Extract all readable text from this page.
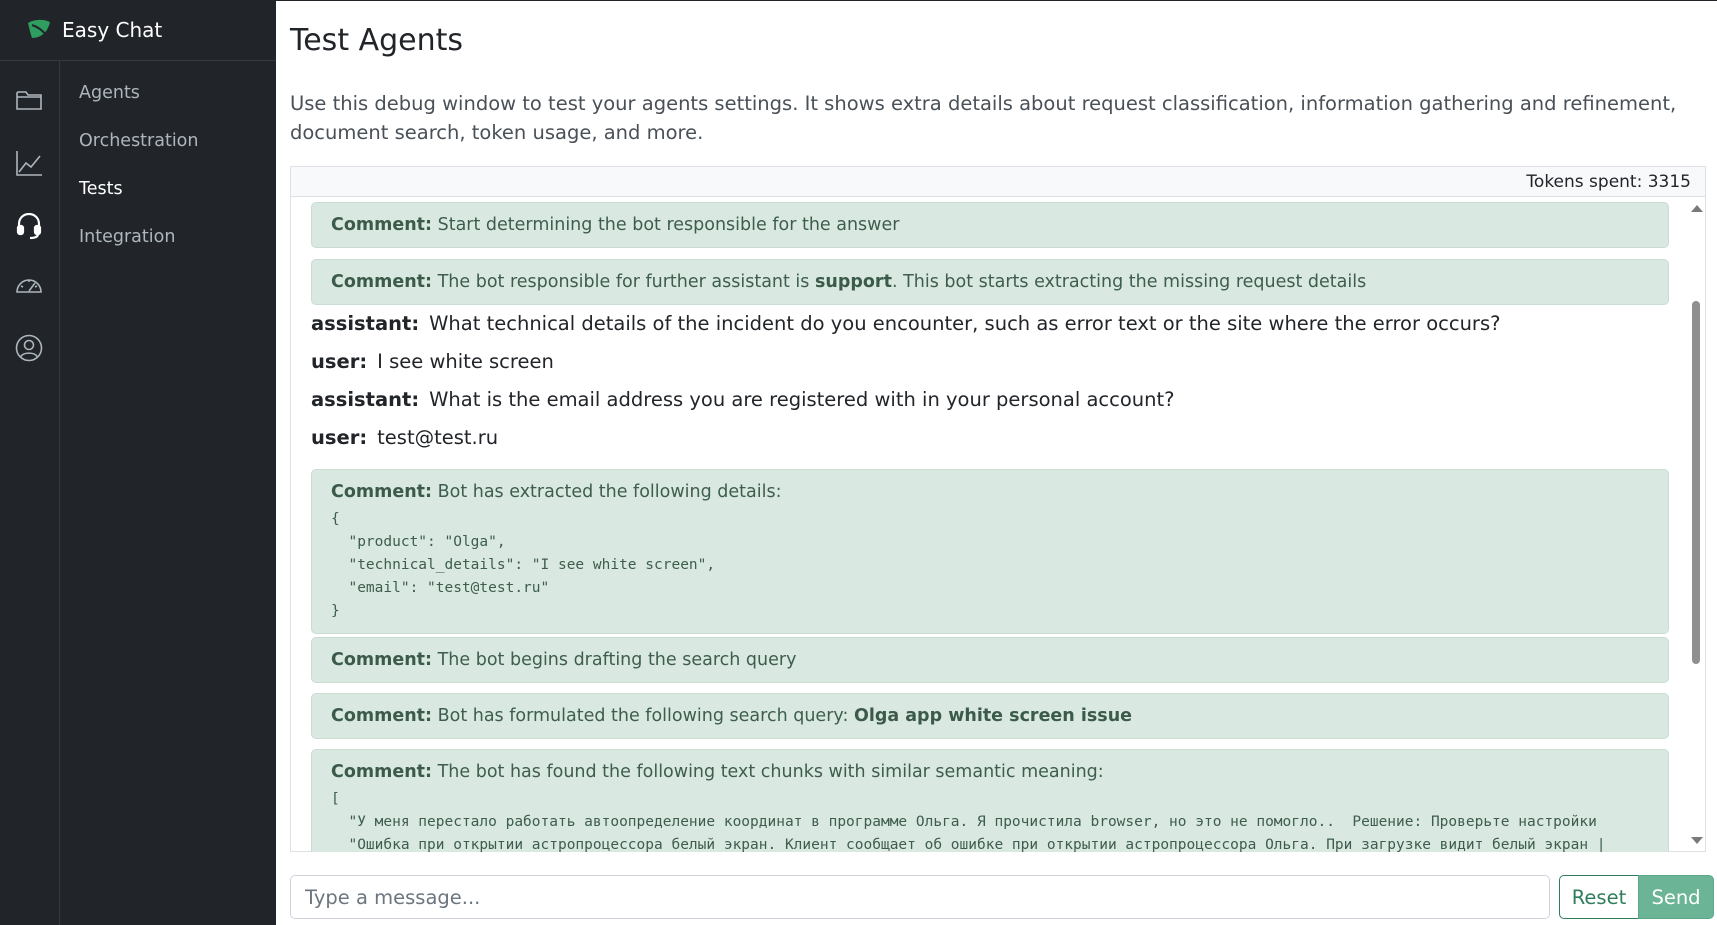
Easy Chat
Agents
Orchestration
Tests
Integration
Test Agents

Use this debug window to test your agents settings. It shows extra details about request classification, information gathering and refinement, document search, token usage, and more.

Tokens spent: 3315
Comment: Start determining the bot responsible for the answer
Comment: The bot responsible for further assistant is support. This bot starts extracting the missing request details
assistant: What technical details of the incident do you encounter, such as error text or the site where the error occurs?
user: I see white screen
assistant: What is the email address you are registered with in your personal account?
user: test@test.ru
Comment: Bot has extracted the following details:
{
"product": "Olga",
"technical_details": "I see white screen",
"email": "test@test.ru"
}
Comment: The bot begins drafting the search query
Comment: Bot has formulated the following search query: Olga app white screen issue
Comment: The bot has found the following text chunks with similar semantic meaning:
[
"У меня перестало работать автоопределение координат в программе Ольга. Я прочистила browser, но это не помогло..  Решение: Проверьте настройки
"Ошибка при открытии астропроцессора белый экран. Клиент сообщает об ошибке при открытии астропроцессора Ольга. При загрузке видит белый экран |
Type a message...
Reset	Send
